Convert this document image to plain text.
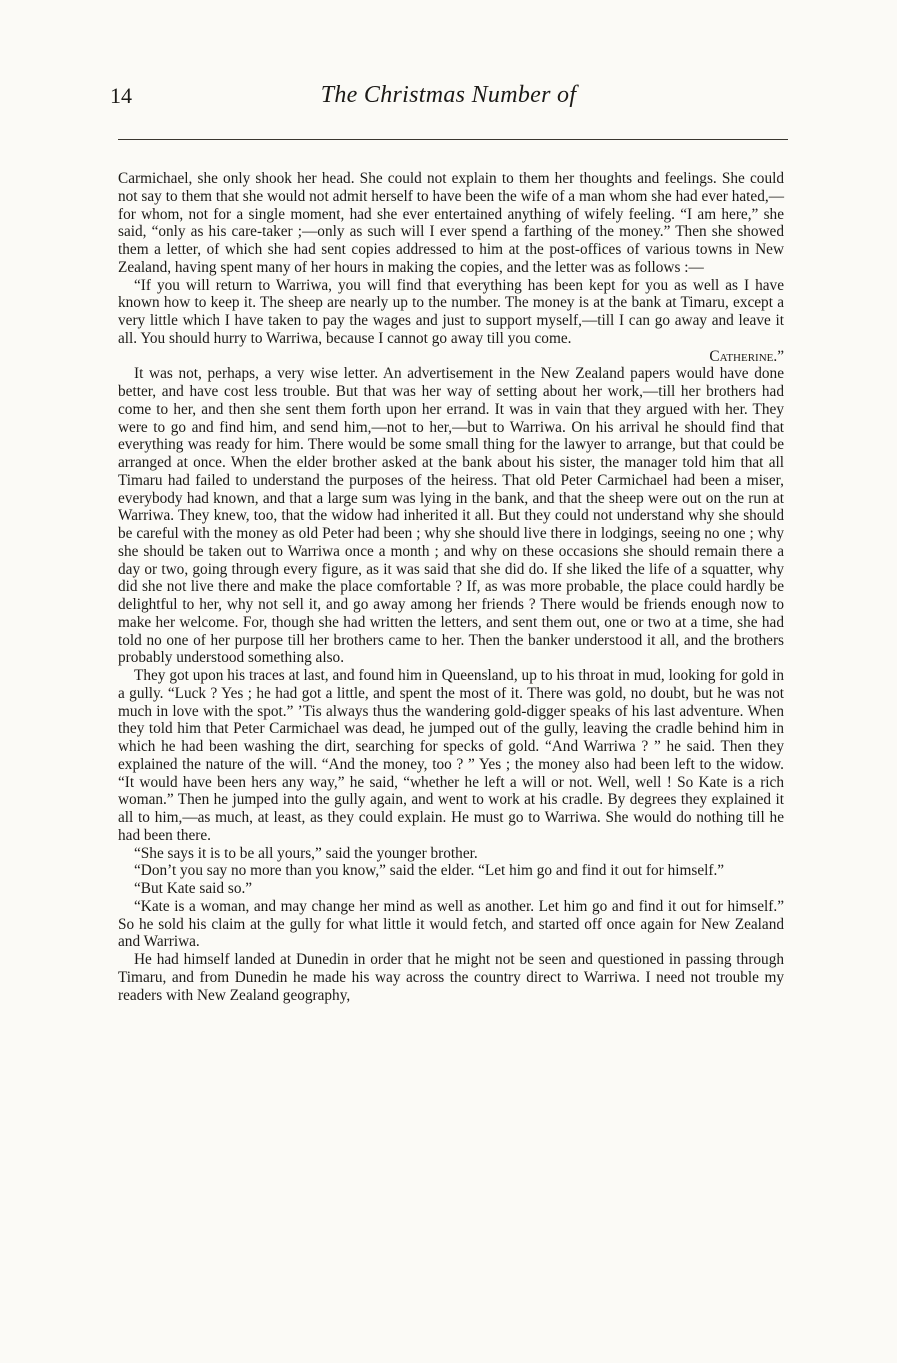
14	The Christmas Number of

Carmichael, she only shook her head. She could not explain to them her thoughts and feelings. She could not say to them that she would not admit herself to have been the wife of a man whom she had ever hated,—for whom, not for a single moment, had she ever entertained anything of wifely feeling. “I am here,” she said, “only as his care-taker ;—only as such will I ever spend a farthing of the money.” Then she showed them a letter, of which she had sent copies addressed to him at the post-offices of various towns in New Zealand, having spent many of her hours in making the copies, and the letter was as follows :—

“If you will return to Warriwa, you will find that everything has been kept for you as well as I have known how to keep it. The sheep are nearly up to the number. The money is at the bank at Timaru, except a very little which I have taken to pay the wages and just to support myself,—till I can go away and leave it all. You should hurry to Warriwa, because I cannot go away till you come.
Catherine.”

It was not, perhaps, a very wise letter. An advertisement in the New Zealand papers would have done better, and have cost less trouble. But that was her way of setting about her work,—till her brothers had come to her, and then she sent them forth upon her errand. It was in vain that they argued with her. They were to go and find him, and send him,—not to her,—but to Warriwa. On his arrival he should find that everything was ready for him. There would be some small thing for the lawyer to arrange, but that could be arranged at once. When the elder brother asked at the bank about his sister, the manager told him that all Timaru had failed to understand the purposes of the heiress. That old Peter Carmichael had been a miser, everybody had known, and that a large sum was lying in the bank, and that the sheep were out on the run at Warriwa. They knew, too, that the widow had inherited it all. But they could not understand why she should be careful with the money as old Peter had been ; why she should live there in lodgings, seeing no one ; why she should be taken out to Warriwa once a month ; and why on these occasions she should remain there a day or two, going through every figure, as it was said that she did do. If she liked the life of a squatter, why did she not live there and make the place comfortable ? If, as was more probable, the place could hardly be delightful to her, why not sell it, and go away among her friends ? There would be friends enough now to make her welcome. For, though she had written the letters, and sent them out, one or two at a time, she had told no one of her purpose till her brothers came to her. Then the banker understood it all, and the brothers probably understood something also.

They got upon his traces at last, and found him in Queensland, up to his throat in mud, looking for gold in a gully. “Luck ? Yes ; he had got a little, and spent the most of it. There was gold, no doubt, but he was not much in love with the spot.” ’Tis always thus the wandering gold-digger speaks of his last adventure. When they told him that Peter Carmichael was dead, he jumped out of the gully, leaving the cradle behind him in which he had been washing the dirt, searching for specks of gold. “And Warriwa ? ” he said. Then they explained the nature of the will. “And the money, too ? ” Yes ; the money also had been left to the widow. “It would have been hers any way,” he said, “whether he left a will or not. Well, well ! So Kate is a rich woman.” Then he jumped into the gully again, and went to work at his cradle. By degrees they explained it all to him,—as much, at least, as they could explain. He must go to Warriwa. She would do nothing till he had been there.

“She says it is to be all yours,” said the younger brother.

“Don’t you say no more than you know,” said the elder. “Let him go and find it out for himself.”

“But Kate said so.”

“Kate is a woman, and may change her mind as well as another. Let him go and find it out for himself.” So he sold his claim at the gully for what little it would fetch, and started off once again for New Zealand and Warriwa.

He had himself landed at Dunedin in order that he might not be seen and questioned in passing through Timaru, and from Dunedin he made his way across the country direct to Warriwa. I need not trouble my readers with New Zealand geography,
